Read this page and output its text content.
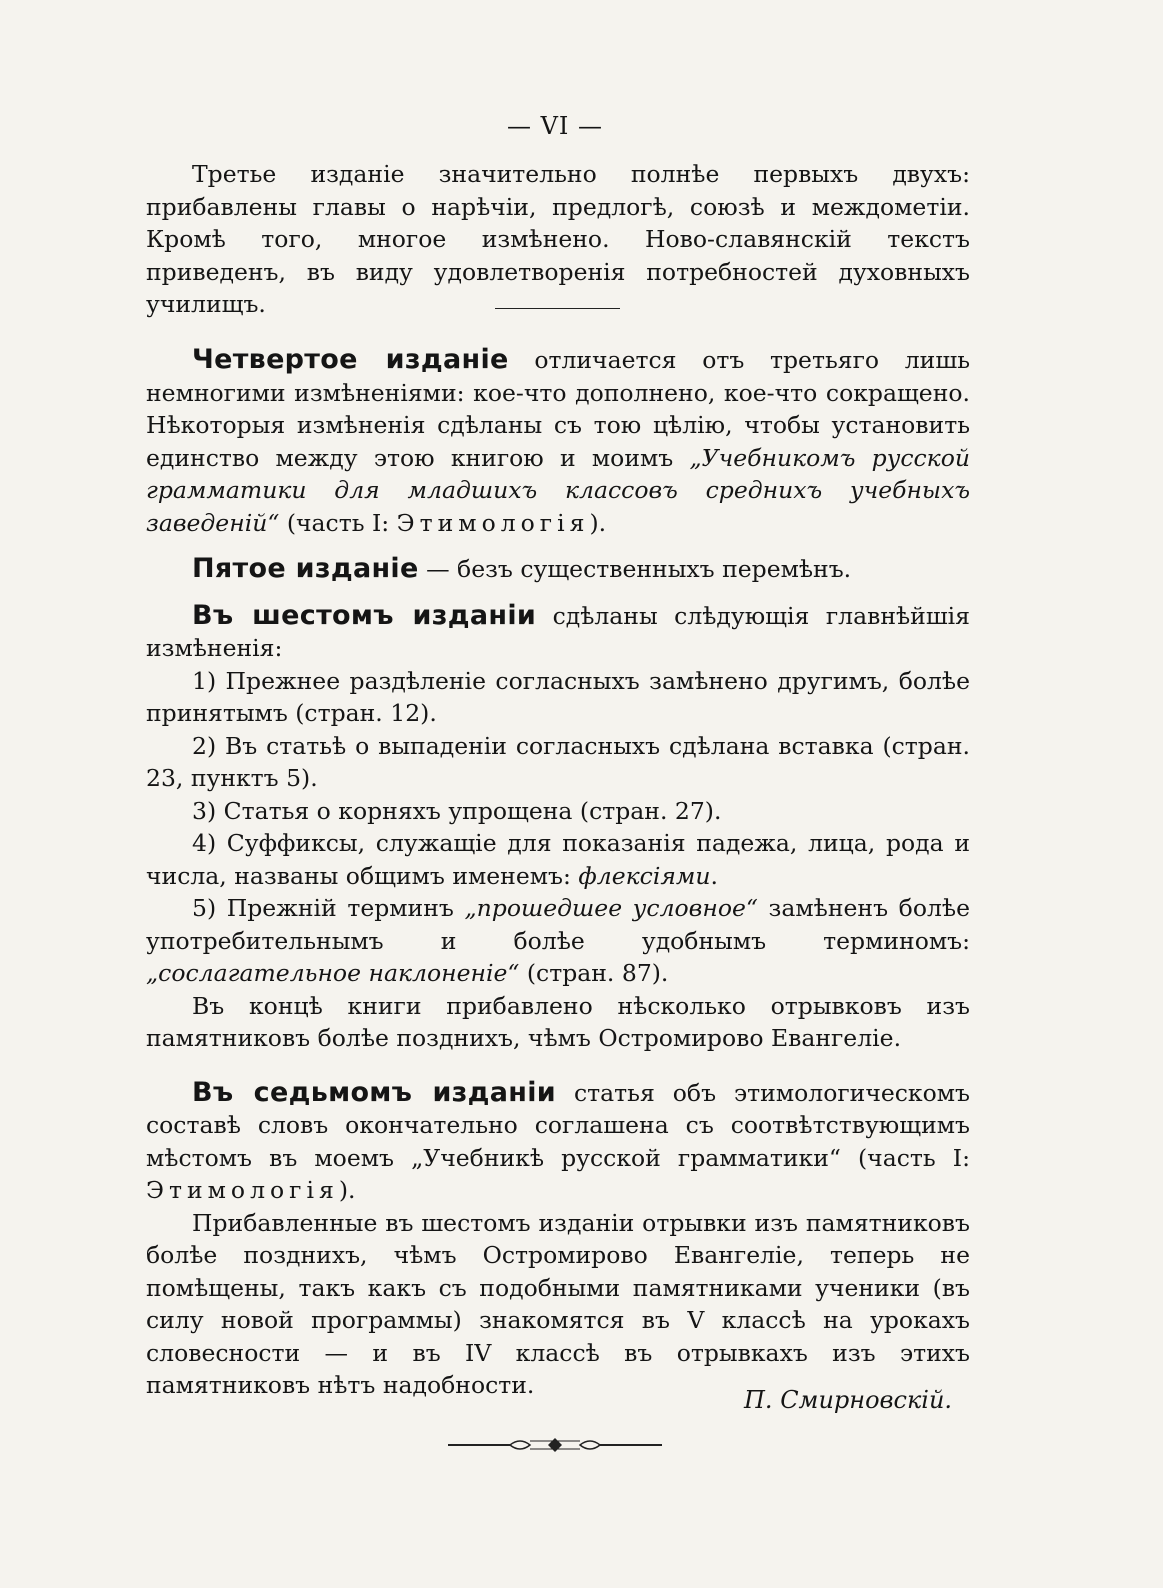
— VI —

Третье изданіе значительно полнѣе первыхъ двухъ: прибавлены главы о нарѣчіи, предлогѣ, союзѣ и междометіи. Кромѣ того, многое измѣнено. Ново-славянскій текстъ приведенъ, въ виду удовлетворенія потребностей духовныхъ училищъ.

Четвертое изданіе отличается отъ третьяго лишь немногими измѣненіями: кое-что дополнено, кое-что сокращено. Нѣкоторыя измѣненія сдѣланы съ тою цѣлію, чтобы установить единство между этою книгою и моимъ „Учебникомъ русской грамматики для младшихъ классовъ среднихъ учебныхъ заведеній“ (часть I: Этимологія).

Пятое изданіе — безъ существенныхъ перемѣнъ.

Въ шестомъ изданіи сдѣланы слѣдующія главнѣйшія измѣненія:

1) Прежнее раздѣленіе согласныхъ замѣнено другимъ, болѣе принятымъ (стран. 12).

2) Въ статьѣ о выпаденіи согласныхъ сдѣлана вставка (стран. 23, пунктъ 5).

3) Статья о корняхъ упрощена (стран. 27).

4) Суффиксы, служащіе для показанія падежа, лица, рода и числа, названы общимъ именемъ: флексіями.

5) Прежній терминъ „прошедшее условное“ замѣненъ болѣе употребительнымъ и болѣе удобнымъ терминомъ: „сослагательное наклоненіе“ (стран. 87).

Въ концѣ книги прибавлено нѣсколько отрывковъ изъ памятниковъ болѣе позднихъ, чѣмъ Остромирово Евангеліе.

Въ седьмомъ изданіи статья объ этимологическомъ составѣ словъ окончательно соглашена съ соотвѣтствующимъ мѣстомъ въ моемъ „Учебникѣ русской грамматики“ (часть I: Этимологія).

Прибавленные въ шестомъ изданіи отрывки изъ памятниковъ болѣе позднихъ, чѣмъ Остромирово Евангеліе, теперь не помѣщены, такъ какъ съ подобными памятниками ученики (въ силу новой программы) знакомятся въ V классѣ на урокахъ словесности — и въ IV классѣ въ отрывкахъ изъ этихъ памятниковъ нѣтъ надобности.

П. Смирновскій.
